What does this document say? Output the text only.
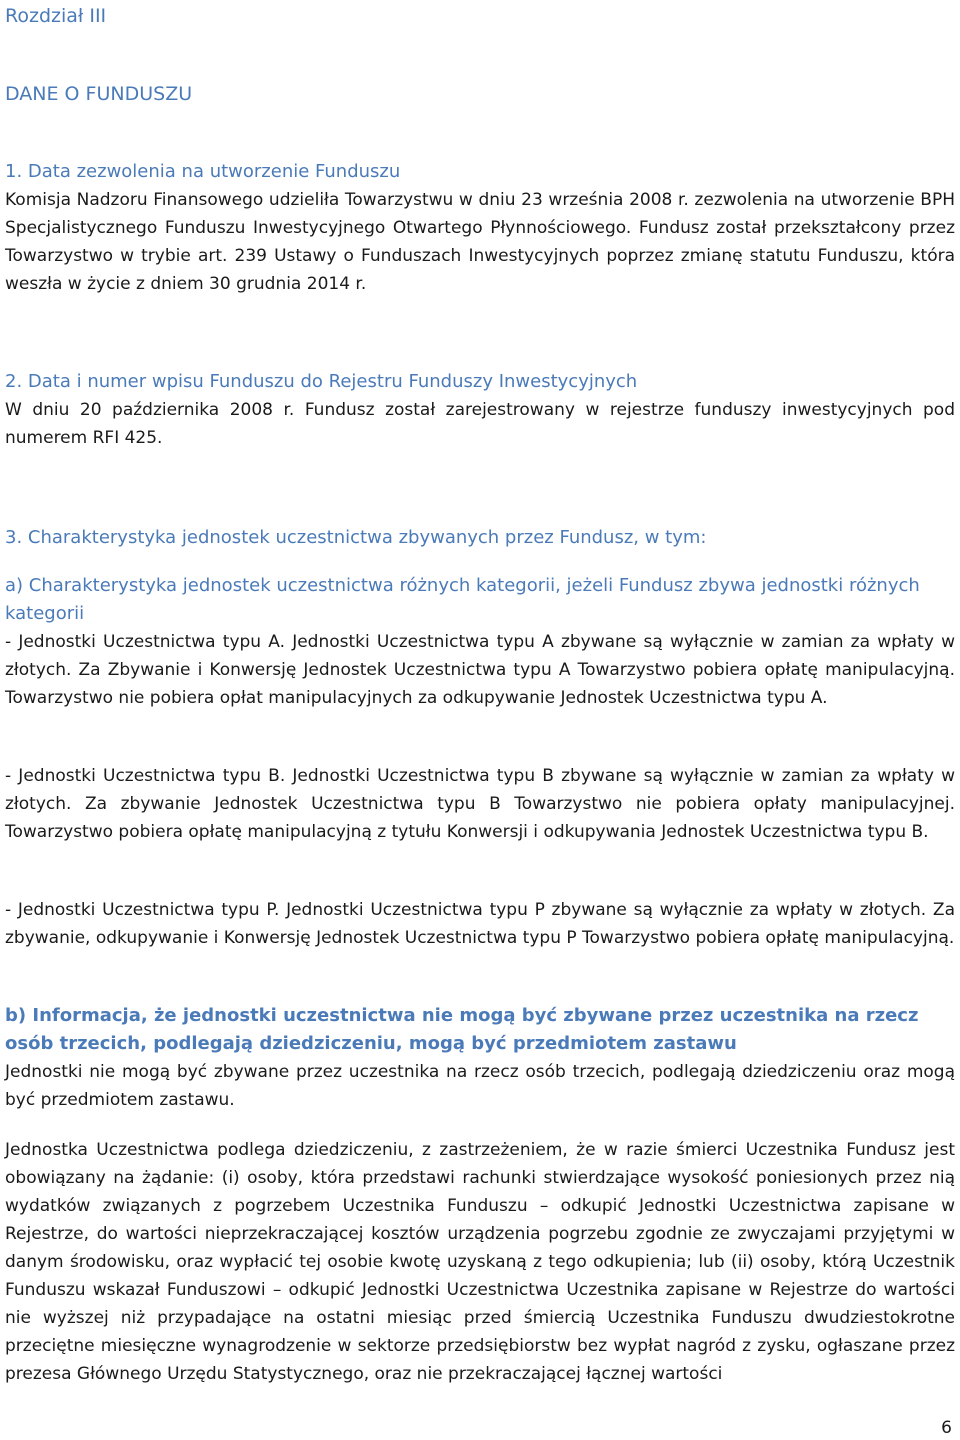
Rozdział III
DANE O FUNDUSZU
1. Data zezwolenia na utworzenie Funduszu

Komisja Nadzoru Finansowego udzieliła Towarzystwu w dniu 23 września 2008 r. zezwolenia na utworzenie BPH Specjalistycznego Funduszu Inwestycyjnego Otwartego Płynnościowego. Fundusz został przekształcony przez Towarzystwo w trybie art. 239 Ustawy o Funduszach Inwestycyjnych poprzez zmianę statutu Funduszu, która weszła w życie z dniem 30 grudnia 2014 r.

2. Data i numer wpisu Funduszu do Rejestru Funduszy Inwestycyjnych

W dniu 20 października 2008 r. Fundusz został zarejestrowany w rejestrze funduszy inwestycyjnych pod numerem RFI 425.

3. Charakterystyka jednostek uczestnictwa zbywanych przez Fundusz, w tym:
a) Charakterystyka jednostek uczestnictwa różnych kategorii, jeżeli Fundusz zbywa jednostki różnych kategorii

- Jednostki Uczestnictwa typu A. Jednostki Uczestnictwa typu A zbywane są wyłącznie w zamian za wpłaty w złotych. Za Zbywanie i Konwersję Jednostek Uczestnictwa typu A Towarzystwo pobiera opłatę manipulacyjną. Towarzystwo nie pobiera opłat manipulacyjnych za odkupywanie Jednostek Uczestnictwa typu A.

- Jednostki Uczestnictwa typu B. Jednostki Uczestnictwa typu B zbywane są wyłącznie w zamian za wpłaty w złotych. Za zbywanie Jednostek Uczestnictwa typu B Towarzystwo nie pobiera opłaty manipulacyjnej. Towarzystwo pobiera opłatę manipulacyjną z tytułu Konwersji i odkupywania Jednostek Uczestnictwa typu B.

- Jednostki Uczestnictwa typu P. Jednostki Uczestnictwa typu P zbywane są wyłącznie za wpłaty w złotych. Za zbywanie, odkupywanie i Konwersję Jednostek Uczestnictwa typu P Towarzystwo pobiera opłatę manipulacyjną.

b) Informacja, że jednostki uczestnictwa nie mogą być zbywane przez uczestnika na rzecz osób trzecich, podlegają dziedziczeniu, mogą być przedmiotem zastawu

Jednostki nie mogą być zbywane przez uczestnika na rzecz osób trzecich, podlegają dziedziczeniu oraz mogą być przedmiotem zastawu.

Jednostka Uczestnictwa podlega dziedziczeniu, z zastrzeżeniem, że w razie śmierci Uczestnika Fundusz jest obowiązany na żądanie: (i) osoby, która przedstawi rachunki stwierdzające wysokość poniesionych przez nią wydatków związanych z pogrzebem Uczestnika Funduszu – odkupić Jednostki Uczestnictwa zapisane w Rejestrze, do wartości nieprzekraczającej kosztów urządzenia pogrzebu zgodnie ze zwyczajami przyjętymi w danym środowisku, oraz wypłacić tej osobie kwotę uzyskaną z tego odkupienia; lub (ii) osoby, którą Uczestnik Funduszu wskazał Funduszowi – odkupić Jednostki Uczestnictwa Uczestnika zapisane w Rejestrze do wartości nie wyższej niż przypadające na ostatni miesiąc przed śmiercią Uczestnika Funduszu dwudziestokrotne przeciętne miesięczne wynagrodzenie w sektorze przedsiębiorstw bez wypłat nagród z zysku, ogłaszane przez prezesa Głównego Urzędu Statystycznego, oraz nie przekraczającej łącznej wartości

6
